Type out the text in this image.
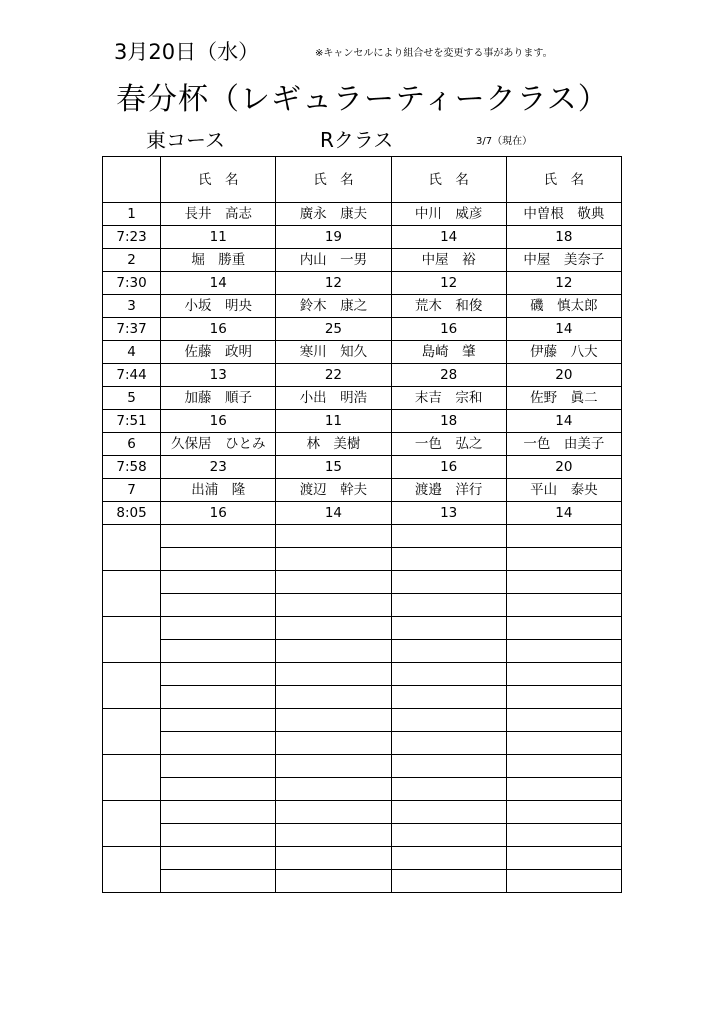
3月20日（水）	※キャンセルにより組合せを変更する事があります。
春分杯（レギュラーティークラス）
東コース	Rクラス	3/7（現在）
	氏　名	氏　名	氏　名	氏　名
1	長井　高志	廣永　康夫	中川　威彦	中曽根　敬典
7:23	11	19	14	18
2	堀　勝重	内山　一男	中屋　裕	中屋　美奈子
7:30	14	12	12	12
3	小坂　明央	鈴木　康之	荒木　和俊	磯　慎太郎
7:37	16	25	16	14
4	佐藤　政明	寒川　知久	島崎　肇	伊藤　八大
7:44	13	22	28	20
5	加藤　順子	小出　明浩	末吉　宗和	佐野　眞二
7:51	16	11	18	14
6	久保居　ひとみ	林　美樹	一色　弘之	一色　由美子
7:58	23	15	16	20
7	出浦　隆	渡辺　幹夫	渡邉　洋行	平山　泰央
8:05	16	14	13	14
